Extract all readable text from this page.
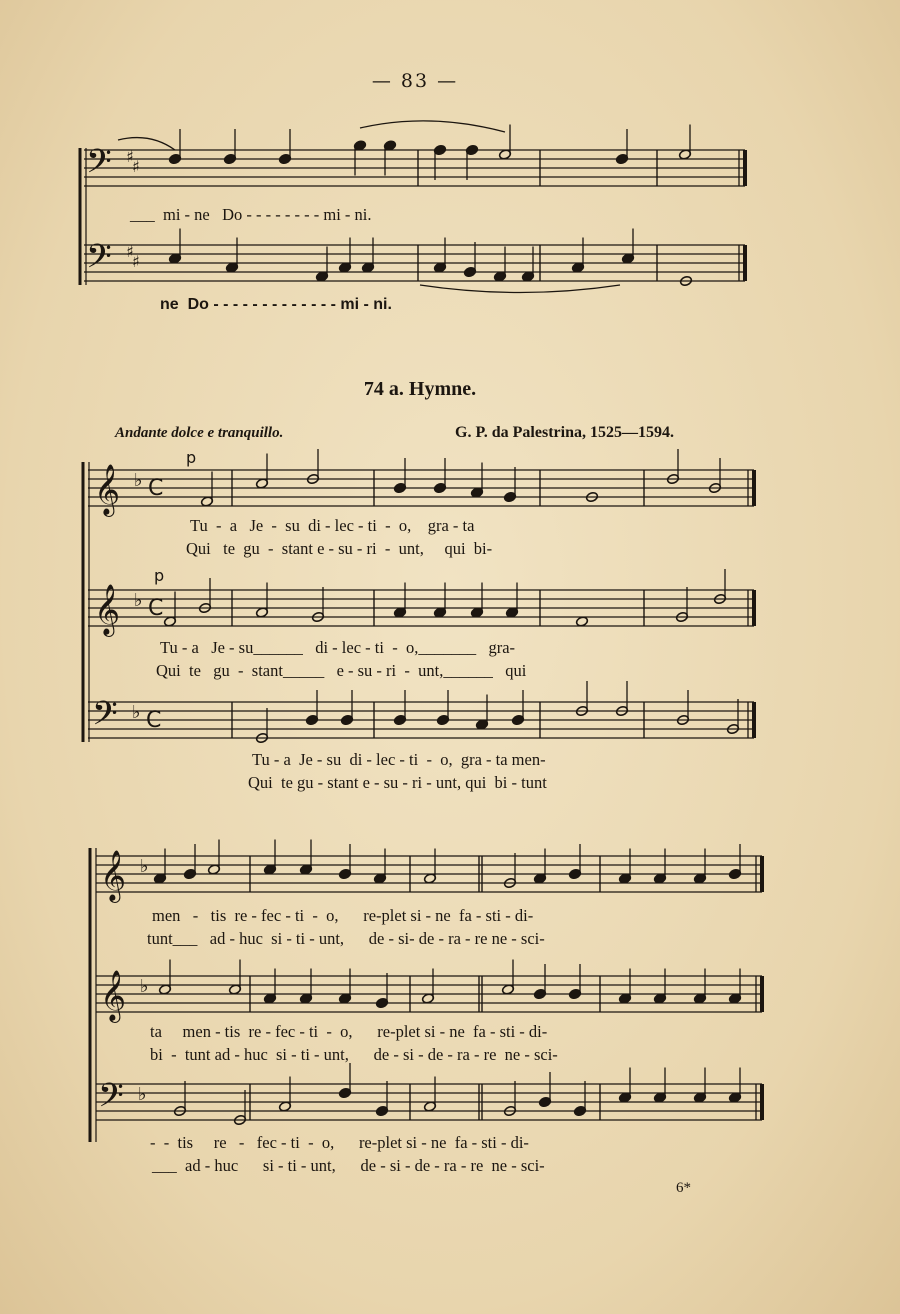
— 83 —
𝄢 ♯
♯
𝄢 ♯
♯
𝄞 ♭ C
p
𝄞 ♭ C
p
𝄢 ♭ C
𝄞 ♭
𝄞 ♭
𝄢 ♭
74 a. Hymne.
Andante dolce e tranquillo.	G. P. da Palestrina, 1525—1594.
___  mi - ne   Do - - - - - - - - mi - ni.
ne  Do - - - - - - - - - - - - - mi - ni.
Tu  -  a   Je  -  su  di - lec - ti  -  o,    gra - ta
Qui   te  gu  -  stant e - su - ri  -  unt,     qui  bi-
Tu - a   Je - su______   di - lec - ti  -  o,_______   gra-
Qui  te   gu  -  stant_____   e - su - ri  -  unt,______   qui
Tu - a  Je - su  di - lec - ti  -  o,  gra - ta men-
Qui  te gu - stant e - su - ri - unt, qui  bi - tunt
men   -   tis  re - fec - ti  -  o,      re-plet si - ne  fa - sti - di-
tunt___   ad - huc  si - ti - unt,      de - si- de - ra - re ne - sci-
ta     men - tis  re - fec - ti  -  o,      re-plet si - ne  fa - sti - di-
bi  -  tunt ad - huc  si - ti - unt,      de - si - de - ra - re  ne - sci-
-  -  tis     re   -   fec - ti  -  o,      re-plet si - ne  fa - sti - di-
___  ad - huc      si - ti - unt,      de - si - de - ra - re  ne - sci-
6*
